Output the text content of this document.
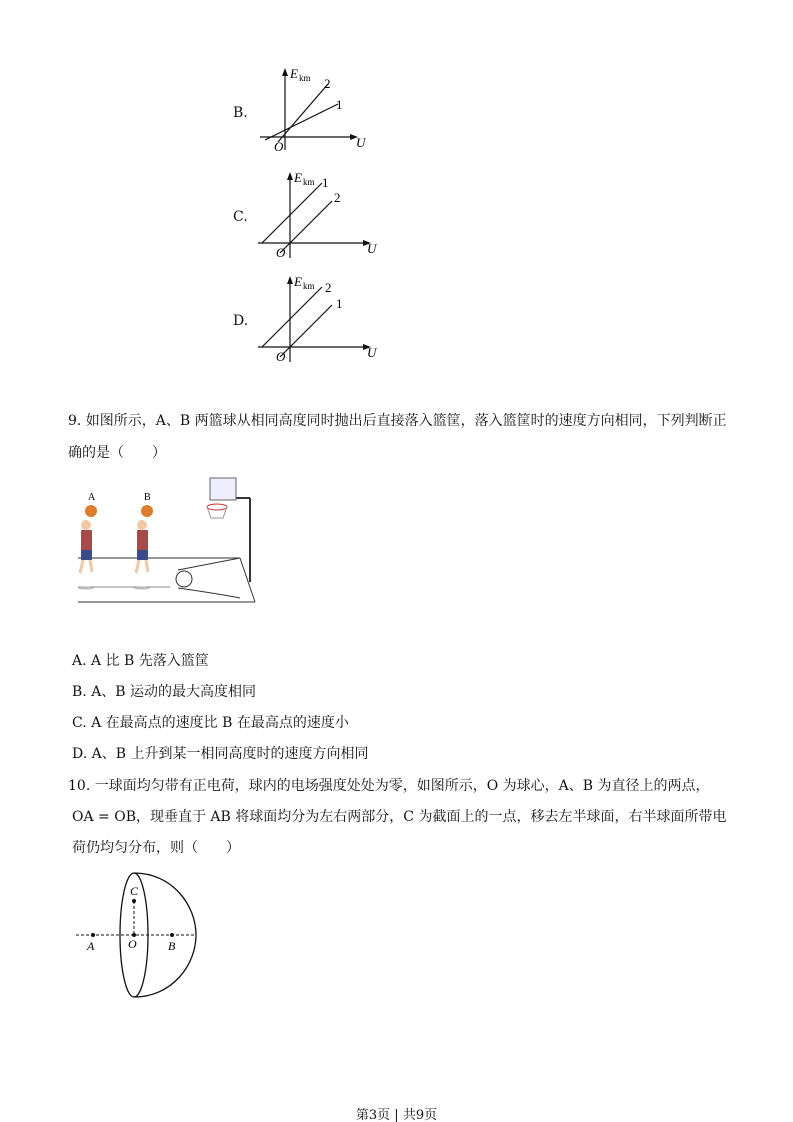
B.
E km 2
1
O	U
C.
E km 1
2
O	U
D.
E km 2
1
O	U
9. 如图所示，A、B 两篮球从相同高度同时抛出后直接落入篮筐，落入篮筐时的速度方向相同，下列判断正
确的是（　　）
A	B
A. A 比 B 先落入篮筐
B. A、B 运动的最大高度相同
C. A 在最高点的速度比 B 在最高点的速度小
D. A、B 上升到某一相同高度时的速度方向相同
10. 一球面均匀带有正电荷，球内的电场强度处处为零，如图所示，O 为球心，A、B 为直径上的两点，
OA = OB，现垂直于 AB 将球面均分为左右两部分，C 为截面上的一点，移去左半球面，右半球面所带电
荷仍均匀分布，则（　　）
A	O	B
C
第3页 | 共9页
